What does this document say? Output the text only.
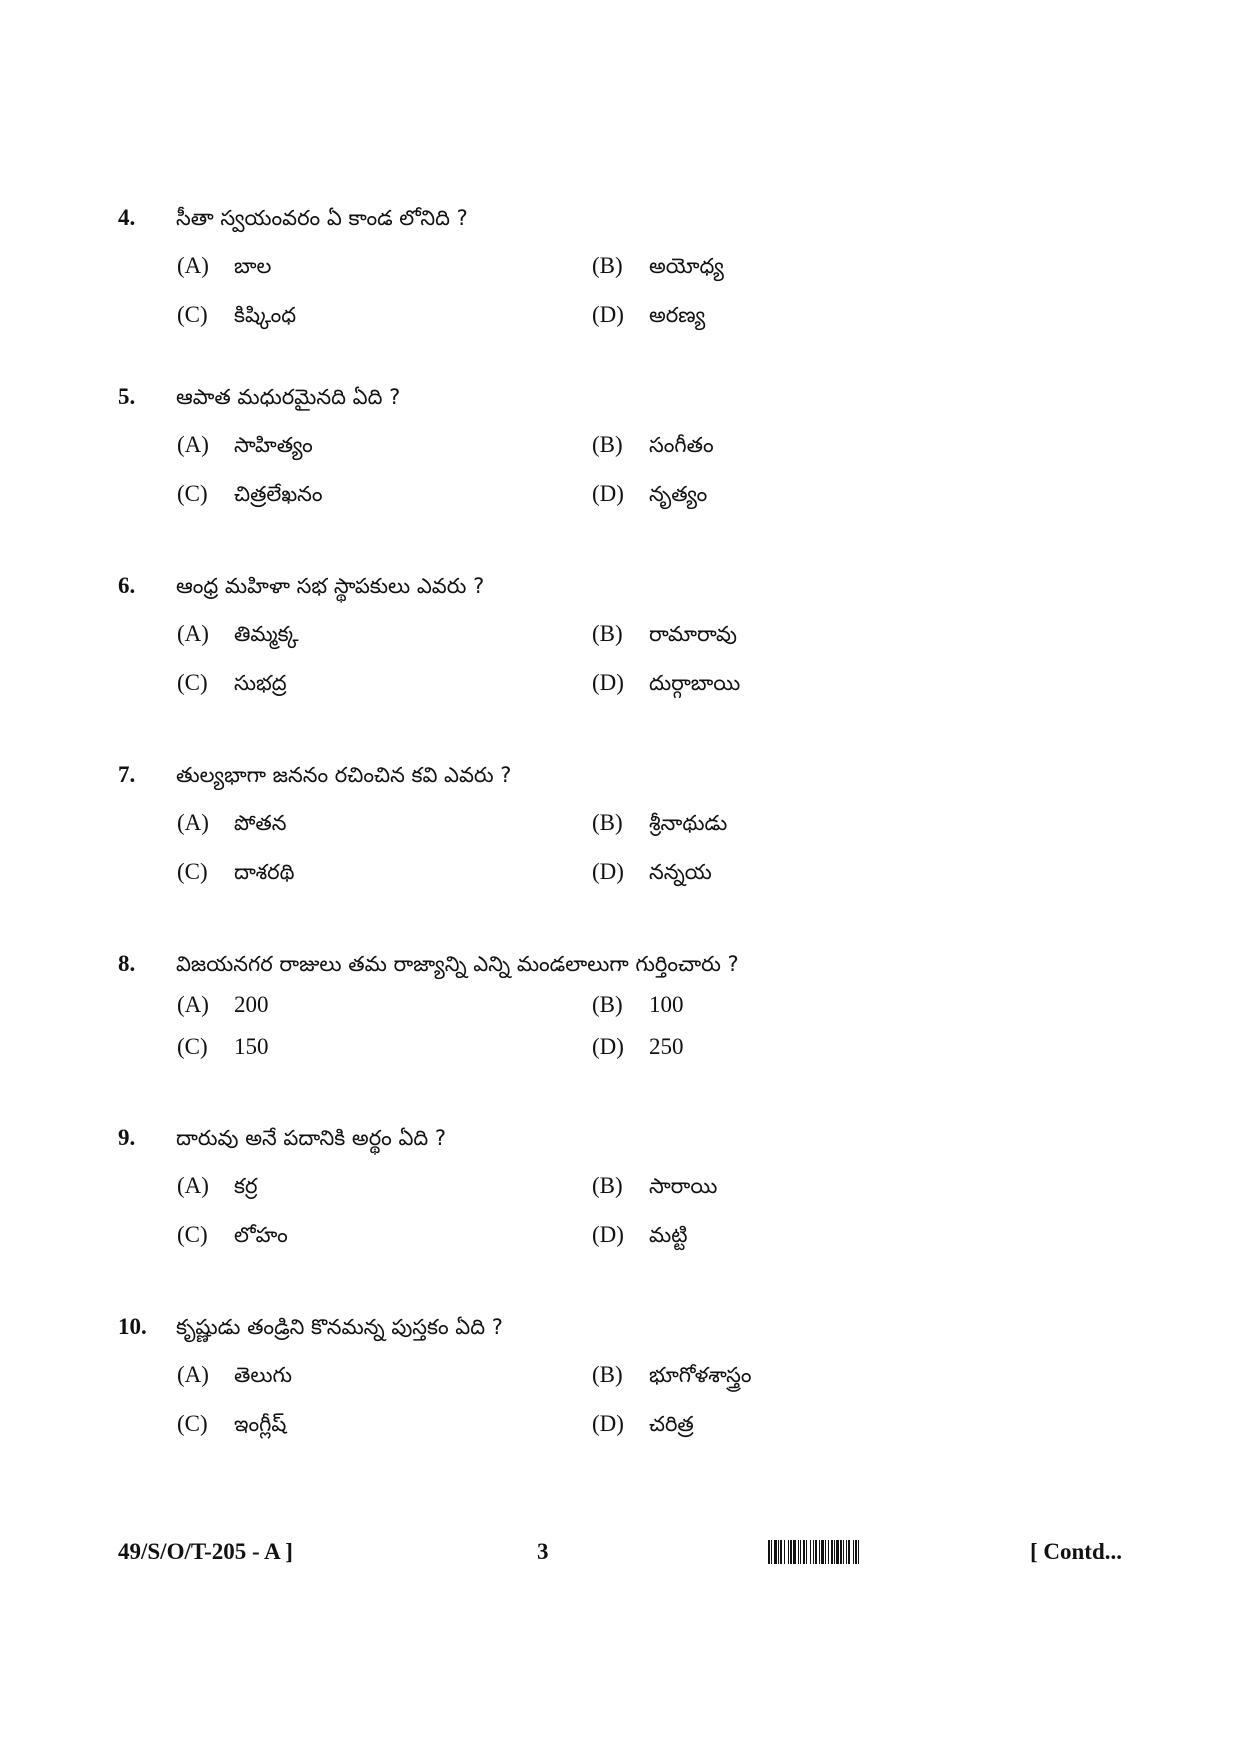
4. సీతా స్వయంవరం ఏ కాండ లోనిది ?
(A) బాల	(B) అయోధ్య
(C) కిష్కింధ	(D) అరణ్య
5. ఆపాత మధురమైనది ఏది ?
(A) సాహిత్యం	(B) సంగీతం
(C) చిత్రలేఖనం	(D) నృత్యం
6. ఆంధ్ర మహిళా సభ స్థాపకులు ఎవరు ?
(A) తిమ్మక్క	(B) రామారావు
(C) సుభద్ర	(D) దుర్గాబాయి
7. తుల్యభాగా జననం రచించిన కవి ఎవరు ?
(A) పోతన	(B) శ్రీనాథుడు
(C) దాశరథి	(D) నన్నయ
8. విజయనగర రాజులు తమ రాజ్యాన్ని ఎన్ని మండలాలుగా గుర్తించారు ?
(A) 200	(B) 100
(C) 150	(D) 250
9. దారువు అనే పదానికి అర్థం ఏది ?
(A) కర్ర	(B) సారాయి
(C) లోహం	(D) మట్టి
10. కృష్ణుడు తండ్రిని కొనమన్న పుస్తకం ఏది ?
(A) తెలుగు	(B) భూగోళశాస్త్రం
(C) ఇంగ్లీష్	(D) చరిత్ర
49/S/O/T-205 - A ]	3	[ Contd...
